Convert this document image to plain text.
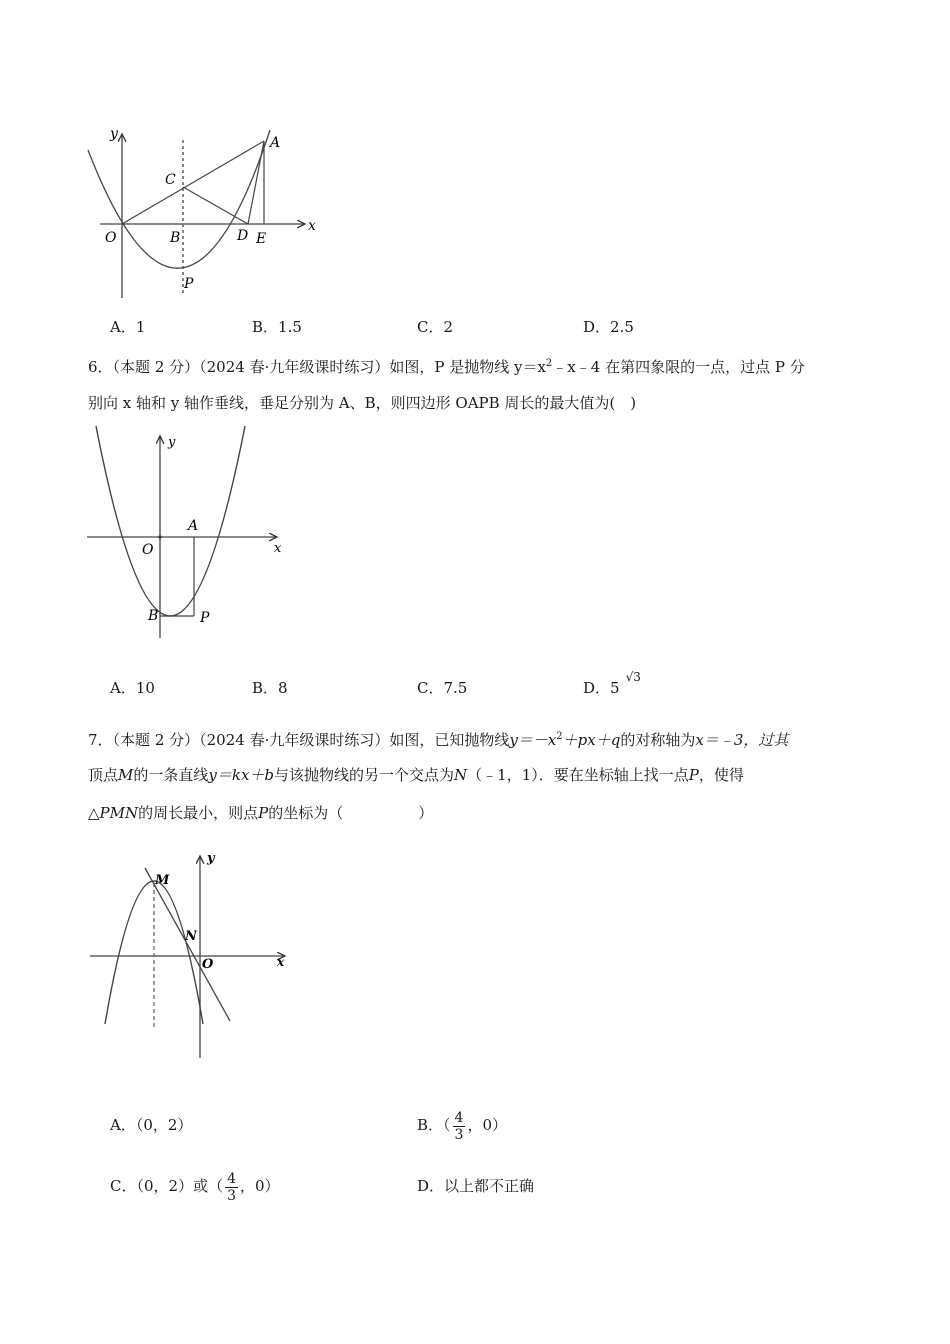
y
x
A
C
O	B	D E
P
A．1	B．1.5	C．2	D．2.5
6．（本题 2 分）（2024 春·九年级课时练习）如图，P 是抛物线 $y=x^2﹣x﹣4$ 在第四象限的一点，过点 P 分
别向 x 轴和 y 轴作垂线，垂足分别为 A、B，则四边形 OAPB 周长的最大值为(　)
y
x
A
O
B	P
A．10	B．8	C．7.5	D．$5^{√3}$
7．（本题 2 分）（2024 春·九年级课时练习）如图，已知抛物线$y=-x^2+px+q$的对称轴为x＝﹣3，过其
顶点M的一条直线y＝kx＋b与该抛物线的另一个交点为N（﹣1，1）．要在坐标轴上找一点P，使得
△PMN的周长最小，则点P的坐标为（　　　　　）
y
x
M
N
O
A．（0，2）	B．（ $\frac{4}{3}$ ，0）
C．（0，2）或（ $\frac{4}{3}$ ，0）	D．以上都不正确
